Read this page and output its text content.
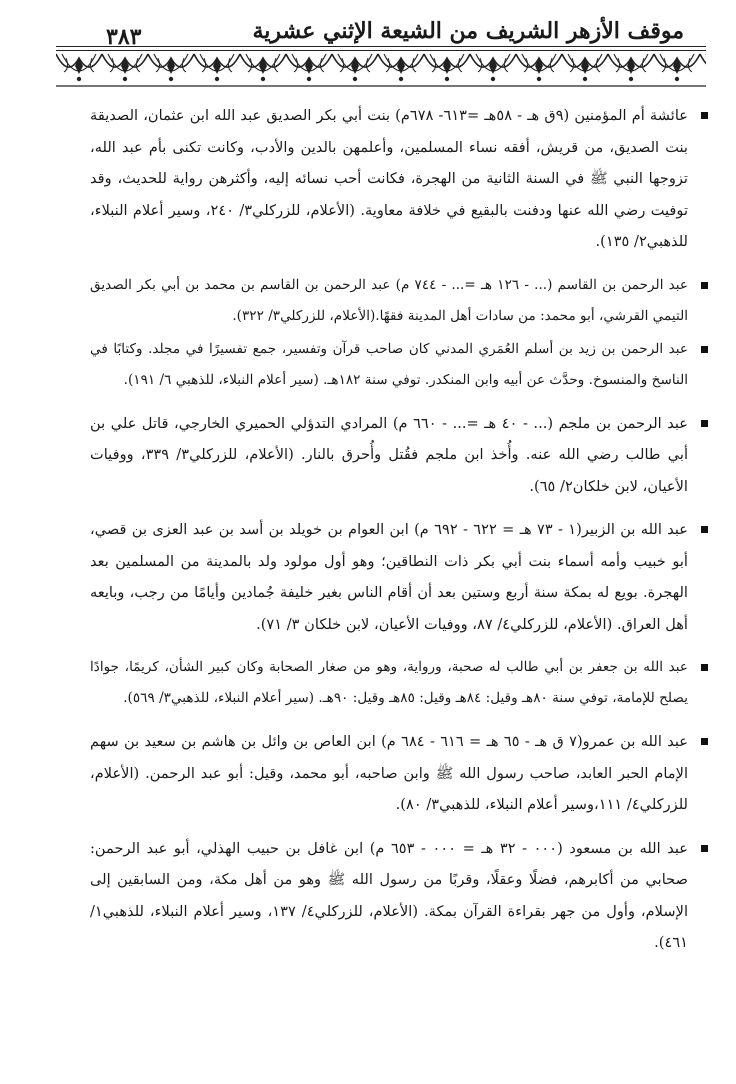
٣٨٣	موقف الأزهر الشريف من الشيعة الإثني عشرية
عائشة أم المؤمنين (٩ق هـ - ٥٨هـ =٦١٣- ٦٧٨م) بنت أبي بكر الصديق عبد الله ابن عثمان، الصديقة بنت الصديق، من قريش، أفقه نساء المسلمين، وأعلمهن بالدين والأدب، وكانت تكنى بأم عبد الله، تزوجها النبي ﷺ في السنة الثانية من الهجرة، فكانت أحب نسائه إليه، وأكثرهن رواية للحديث، وقد توفيت رضي الله عنها ودفنت بالبقيع في خلافة معاوية. (الأعلام، للزركلي٣/ ٢٤٠، وسير أعلام النبلاء، للذهبي٢/ ١٣٥).
عبد الرحمن بن القاسم (... - ١٢٦ هـ =... - ٧٤٤ م) عبد الرحمن بن القاسم بن محمد بن أبي بكر الصديق التيمي القرشي، أبو محمد: من سادات أهل المدينة فقهًا.(الأعلام، للزركلي٣/ ٣٢٢).
عبد الرحمن بن زيد بن أسلم العُمَري المدني كان صاحب قرآن وتفسير، جمع تفسيرًا في مجلد. وكتابًا في الناسخ والمنسوخ. وحدَّث عن أبيه وابن المنكدر. توفي سنة ١٨٢هـ. (سير أعلام النبلاء، للذهبي ٦/ ١٩١).
عبد الرحمن بن ملجم (... - ٤٠ هـ =... - ٦٦٠ م) المرادي التدؤلي الحميري الخارجي، قاتل علي بن أبي طالب رضي الله عنه. وأُخذ ابن ملجم فقُتل وأُحرق بالنار. (الأعلام، للزركلي٣/ ٣٣٩، ووفيات الأعيان، لابن خلكان٢/ ٦٥).
عبد الله بن الزبير(١ - ٧٣ هـ = ٦٢٢ - ٦٩٢ م) ابن العوام بن خويلد بن أسد بن عبد العزى بن قصي، أبو خبيب وأمه أسماء بنت أبي بكر ذات النطاقين؛ وهو أول مولود ولد بالمدينة من المسلمين بعد الهجرة. بويع له بمكة سنة أربع وستين بعد أن أقام الناس بغير خليفة جُمادين وأيامًا من رجب، وبايعه أهل العراق. (الأعلام، للزركلي٤/ ٨٧، ووفيات الأعيان، لابن خلكان ٣/ ٧١).
عبد الله بن جعفر بن أبي طالب له صحبة، ورواية، وهو من صغار الصحابة وكان كبير الشأن، كريمًا، جوادًا يصلح للإمامة، توفي سنة ٨٠هـ وقيل: ٨٤هـ وقيل: ٨٥هـ وقيل: ٩٠هـ. (سير أعلام النبلاء، للذهبي٣/ ٥٦٩).
عبد الله بن عمرو(٧ ق هـ - ٦٥ هـ = ٦١٦ - ٦٨٤ م) ابن العاص بن وائل بن هاشم بن سعيد بن سهم الإمام الحبر العابد، صاحب رسول الله ﷺ وابن صاحبه، أبو محمد، وقيل: أبو عبد الرحمن. (الأعلام، للزركلي٤/ ١١١،وسير أعلام النبلاء، للذهبي٣/ ٨٠).
عبد الله بن مسعود (٠٠٠ - ٣٢ هـ = ٠٠٠ - ٦٥٣ م) ابن غافل بن حبيب الهذلي، أبو عبد الرحمن: صحابي من أكابرهم، فضلًا وعقلًا، وقربًا من رسول الله ﷺ وهو من أهل مكة، ومن السابقين إلى الإسلام، وأول من جهر بقراءة القرآن بمكة. (الأعلام، للزركلي٤/ ١٣٧، وسير أعلام النبلاء، للذهبي١/ ٤٦١).
